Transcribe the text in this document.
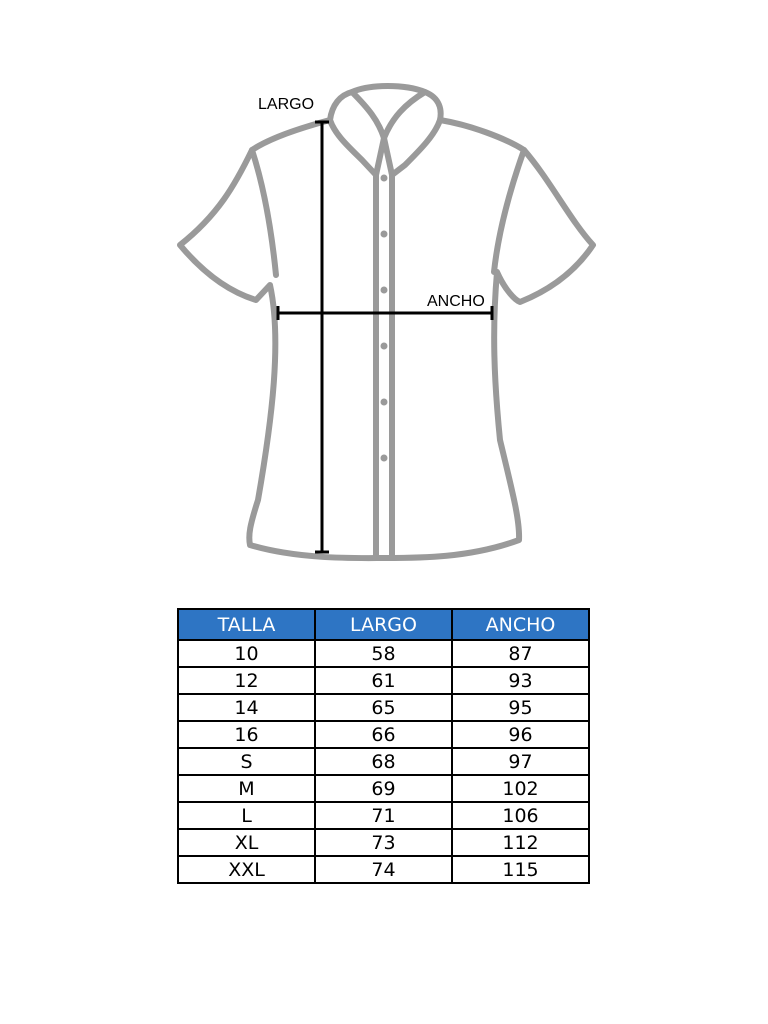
LARGO
ANCHO
TALLA	LARGO	ANCHO
10	58	87
12	61	93
14	65	95
16	66	96
S	68	97
M	69	102
L	71	106
XL	73	112
XXL	74	115
